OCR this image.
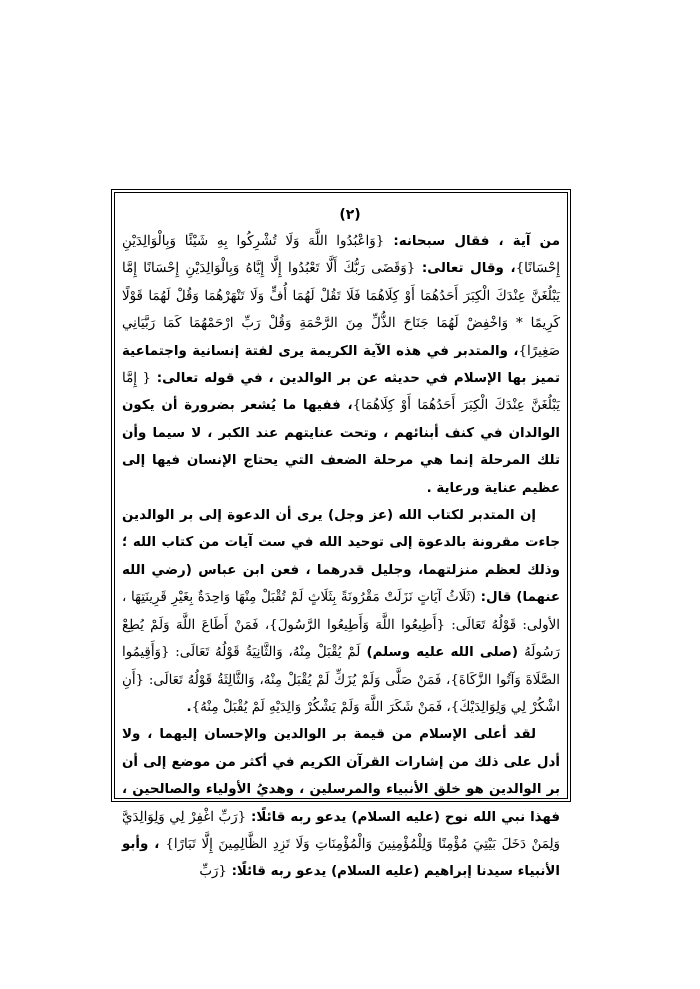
(٢)

من آية ، فقال سبحانه: {وَاعْبُدُوا اللَّهَ وَلَا تُشْرِكُوا بِهِ شَيْئًا وَبِالْوَالِدَيْنِ إِحْسَانًا}، وقال تعالى: {وَقَضَى رَبُّكَ أَلَّا تَعْبُدُوا إِلَّا إِيَّاهُ وَبِالْوَالِدَيْنِ إِحْسَانًا إِمَّا يَبْلُغَنَّ عِنْدَكَ الْكِبَرَ أَحَدُهُمَا أَوْ كِلَاهُمَا فَلَا تَقُلْ لَهُمَا أُفٍّ وَلَا تَنْهَرْهُمَا وَقُلْ لَهُمَا قَوْلًا كَرِيمًا * وَاخْفِضْ لَهُمَا جَنَاحَ الذُّلِّ مِنَ الرَّحْمَةِ وَقُلْ رَبِّ ارْحَمْهُمَا كَمَا رَبَّيَانِي صَغِيرًا}، والمتدبر في هذه الآية الكريمة يرى لفتة إنسانية واجتماعية تميز بها الإسلام في حديثه عن بر الوالدين ، في قوله تعالى: { إِمَّا يَبْلُغَنَّ عِنْدَكَ الْكِبَرَ أَحَدُهُمَا أَوْ كِلَاهُمَا}، ففيها ما يُشعر بضرورة أن يكون الوالدان في كنف أبنائهم ، وتحت عنايتهم عند الكبر ، لا سيما وأن تلك المرحلة إنما هي مرحلة الضعف التي يحتاج الإنسان فيها إلى عظيم عناية ورعاية .

إن المتدبر لكتاب الله (عز وجل) يرى أن الدعوة إلى بر الوالدين جاءت مقرونة بالدعوة إلى توحيد الله في ست آيات من كتاب الله ؛ وذلك لعظم منزلتهما، وجليل قدرهما ، فعن ابن عباس (رضي الله عنهما) قال: (ثَلَاثُ آيَاتٍ نَزَلَتْ مَقْرُونَةً بِثَلَاثٍ لَمْ تُقْبَلْ مِنْهَا وَاحِدَةٌ بِغَيْرِ قَرِينَتِهَا ، الأولى: قَوْلُهُ تَعَالَى: {أَطِيعُوا اللَّهَ وَأَطِيعُوا الرَّسُولَ}، فَمَنْ أَطَاعَ اللَّهَ وَلَمْ يُطِعْ رَسُولَهُ (صلى الله عليه وسلم) لَمْ يُقْبَلْ مِنْهُ، وَالثَّانِيَةُ قَوْلُهُ تَعَالَى: {وَأَقِيمُوا الصَّلَاةَ وَآتُوا الزَّكَاةَ}، فَمَنْ صَلَّى وَلَمْ يُزَكِّ لَمْ يُقْبَلْ مِنْهُ، وَالثَّالِثَةُ قَوْلُهُ تَعَالَى: {أَنِ اشْكُرْ لِي وَلِوَالِدَيْكَ}، فَمَنْ شَكَرَ اللَّهَ وَلَمْ يَشْكُرْ وَالِدَيْهِ لَمْ يُقْبَلْ مِنْهُ}.

لقد أعلى الإسلام من قيمة بر الوالدين والإحسان إليهما ، ولا أدل على ذلك من إشارات القرآن الكريم في أكثر من موضع إلى أن بر الوالدين هو خلق الأنبياء والمرسلين ، وهديُ الأولياء والصالحين ، فهذا نبي الله نوح (عليه السلام) يدعو ربه قائلًا: {رَبِّ اغْفِرْ لِي وَلِوَالِدَيَّ وَلِمَنْ دَخَلَ بَيْتِيَ مُؤْمِنًا وَلِلْمُؤْمِنِينَ وَالْمُؤْمِنَاتِ وَلَا تَزِدِ الظَّالِمِينَ إِلَّا تَبَارًا} ، وأبو الأنبياء سيدنا إبراهيم (عليه السلام) يدعو ربه قائلًا: {رَبِّ
